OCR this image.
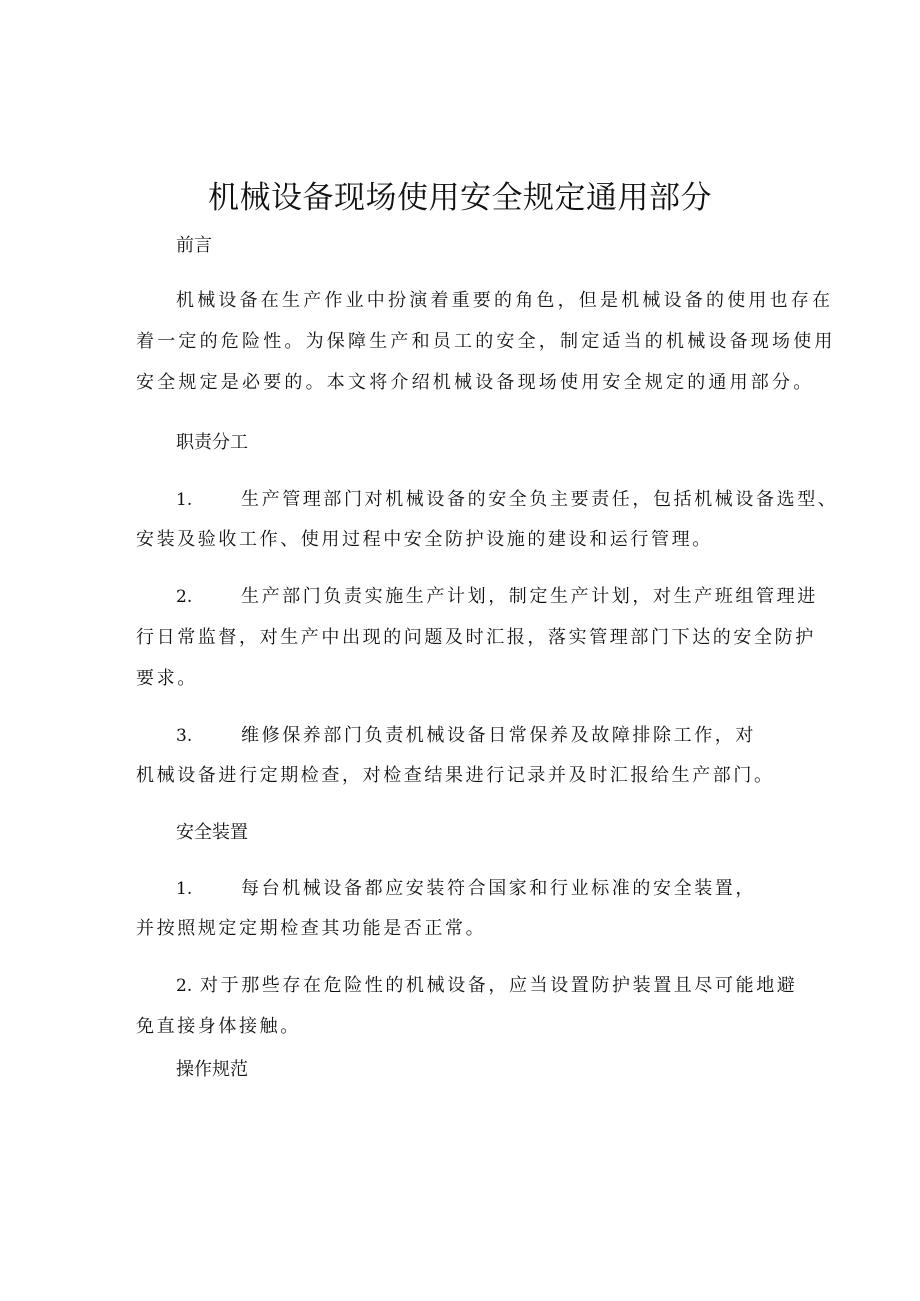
机械设备现场使用安全规定通用部分
前言
机械设备在生产作业中扮演着重要的角色，但是机械设备的使用也存在
着一定的危险性。为保障生产和员工的安全，制定适当的机械设备现场使用
安全规定是必要的。本文将介绍机械设备现场使用安全规定的通用部分。
职责分工
1.	生产管理部门对机械设备的安全负主要责任，包括机械设备选型、
安装及验收工作、使用过程中安全防护设施的建设和运行管理。
2.	生产部门负责实施生产计划，制定生产计划，对生产班组管理进
行日常监督，对生产中出现的问题及时汇报，落实管理部门下达的安全防护
要求。
3.	维修保养部门负责机械设备日常保养及故障排除工作，对
机械设备进行定期检查，对检查结果进行记录并及时汇报给生产部门。
安全装置
1.	每台机械设备都应安装符合国家和行业标准的安全装置，
并按照规定定期检查其功能是否正常。
2. 对于那些存在危险性的机械设备，应当设置防护装置且尽可能地避
免直接身体接触。
操作规范
